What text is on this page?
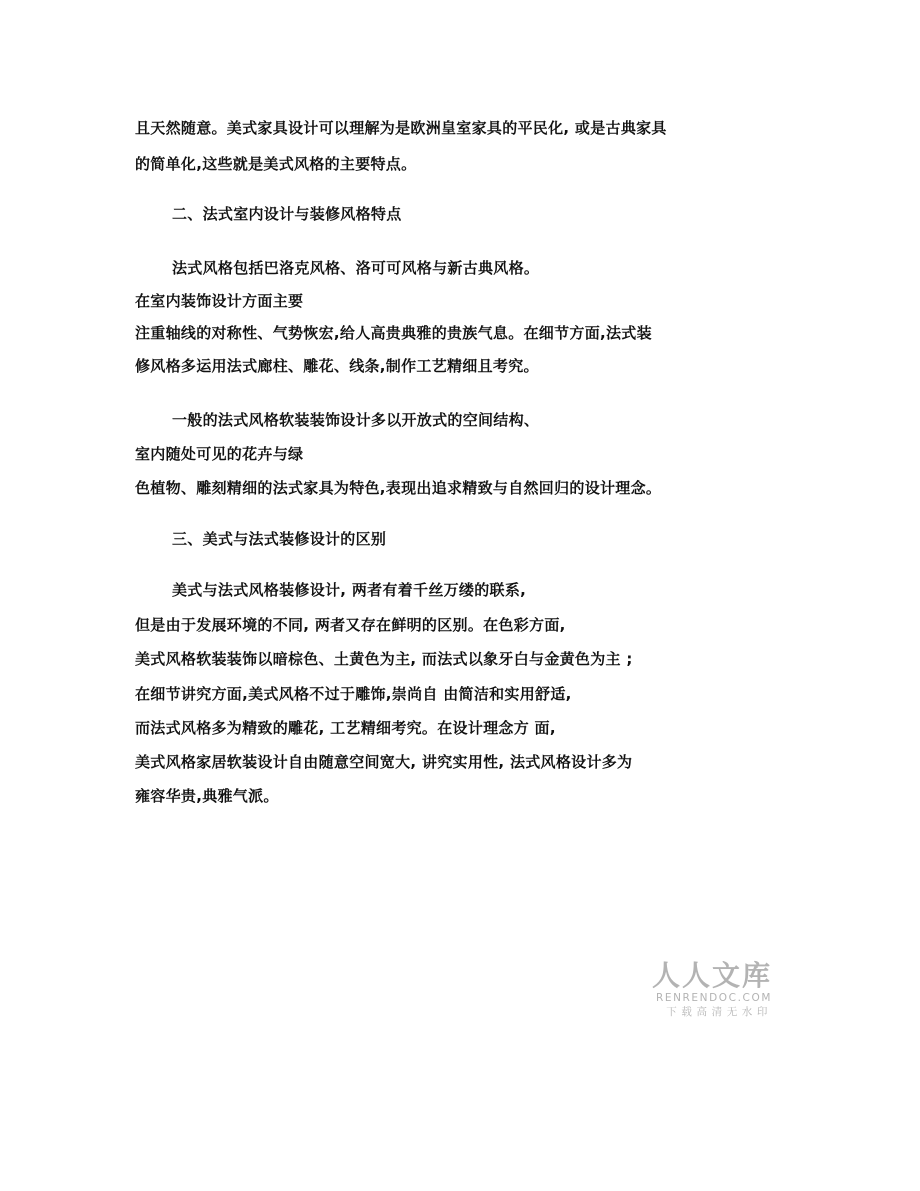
且天然随意。美式家具设计可以理解为是欧洲皇室家具的平民化, 或是古典家具
的简单化,这些就是美式风格的主要特点。
二、法式室内设计与装修风格特点
法式风格包括巴洛克风格、洛可可风格与新古典风格。
在室内装饰设计方面主要
注重轴线的对称性、气势恢宏,给人高贵典雅的贵族气息。在细节方面,法式装
修风格多运用法式廊柱、雕花、线条,制作工艺精细且考究。
一般的法式风格软装装饰设计多以开放式的空间结构、
室内随处可见的花卉与绿
色植物、雕刻精细的法式家具为特色,表现出追求精致与自然回归的设计理念。
三、美式与法式装修设计的区别
美式与法式风格装修设计, 两者有着千丝万缕的联系,
但是由于发展环境的不同, 两者又存在鲜明的区别。在色彩方面,
美式风格软装装饰以暗棕色、土黄色为主, 而法式以象牙白与金黄色为主 ;
在细节讲究方面,美式风格不过于雕饰,崇尚自 由简洁和实用舒适,
而法式风格多为精致的雕花, 工艺精细考究。在设计理念方 面,
美式风格家居软装设计自由随意空间宽大, 讲究实用性, 法式风格设计多为
雍容华贵,典雅气派。
人人文库
RENRENDOC.COM
下载高清无水印
